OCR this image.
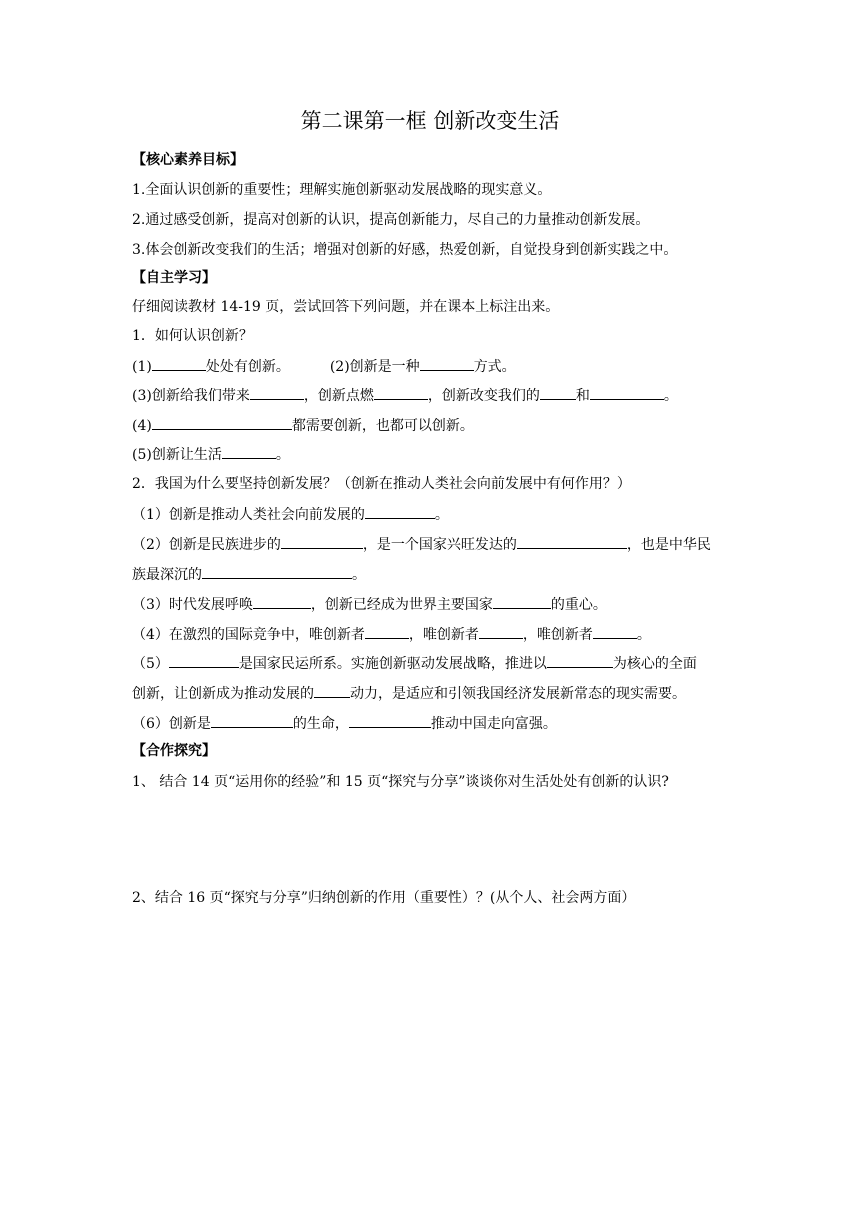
第二课第一框 创新改变生活
【核心素养目标】
1.全面认识创新的重要性；理解实施创新驱动发展战略的现实意义。
2.通过感受创新，提高对创新的认识，提高创新能力，尽自己的力量推动创新发展。
3.体会创新改变我们的生活；增强对创新的好感，热爱创新，自觉投身到创新实践之中。
【自主学习】
仔细阅读教材 14-19 页，尝试回答下列问题，并在课本上标注出来。
1．如何认识创新？
(1)	处处有创新。	(2)创新是一种	方式。
(3)创新给我们带来	，创新点燃	，创新改变我们的	和	。
(4)	都需要创新，也都可以创新。
(5)创新让生活	。
2．我国为什么要坚持创新发展？（创新在推动人类社会向前发展中有何作用？）
（1）创新是推动人类社会向前发展的	。
（2）创新是民族进步的	，是一个国家兴旺发达的	，也是中华民
族最深沉的	。
（3）时代发展呼唤	，创新已经成为世界主要国家	的重心。
（4）在激烈的国际竞争中，唯创新者	，唯创新者	，唯创新者	。
（5）	是国家民运所系。实施创新驱动发展战略，推进以	为核心的全面
创新，让创新成为推动发展的	动力，是适应和引领我国经济发展新常态的现实需要。
（6）创新是	的生命，	推动中国走向富强。
【合作探究】
1、 结合 14 页“运用你的经验”和 15 页“探究与分享”谈谈你对生活处处有创新的认识?
2、结合 16 页“探究与分享”归纳创新的作用（重要性）？(从个人、社会两方面）
